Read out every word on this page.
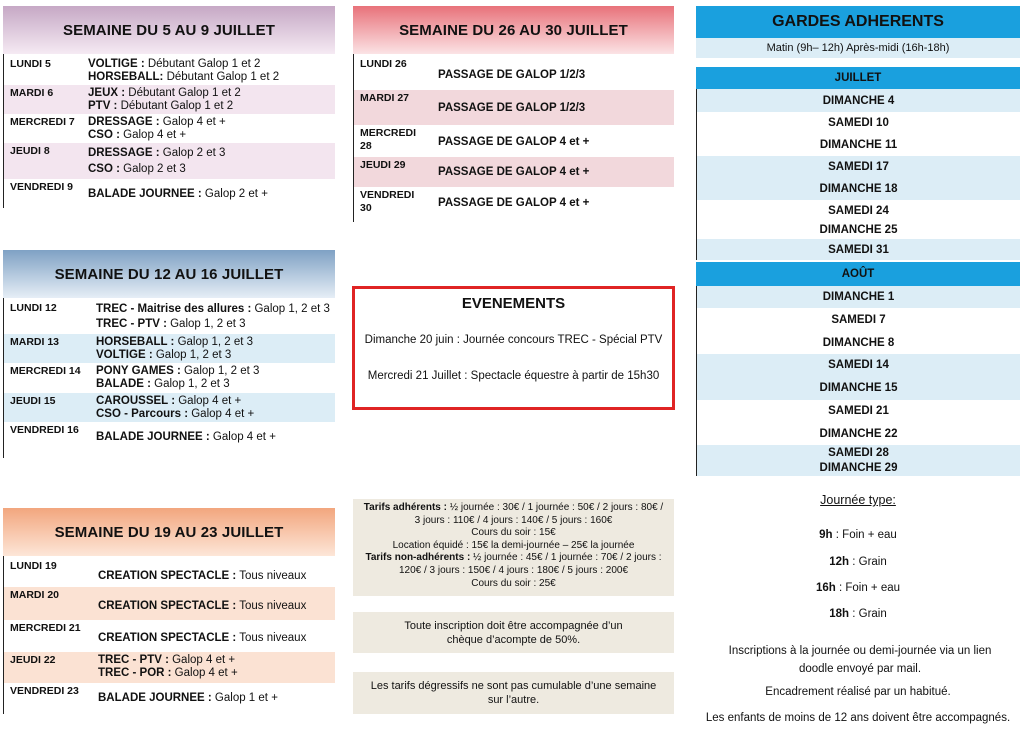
SEMAINE DU 5 AU 9 JUILLET
LUNDI 5	VOLTIGE : Débutant Galop 1 et 2
HORSEBALL: Débutant Galop 1 et 2
MARDI 6	JEUX : Débutant Galop 1 et 2
PTV : Débutant Galop 1 et 2
MERCREDI 7	DRESSAGE : Galop 4 et +
CSO : Galop 4 et +
JEUDI 8	DRESSAGE : Galop 2 et 3
CSO : Galop 2 et 3
VENDREDI 9
BALADE JOURNEE : Galop 2 et +
SEMAINE DU 12 AU 16 JUILLET
LUNDI 12	TREC - Maitrise des allures : Galop 1, 2 et 3
TREC - PTV : Galop 1, 2 et 3
MARDI 13	HORSEBALL : Galop 1, 2 et 3
VOLTIGE : Galop 1, 2 et 3
MERCREDI 14	PONY GAMES : Galop 1, 2 et 3
BALADE : Galop 1, 2 et 3
JEUDI 15	CAROUSSEL : Galop 4 et +
CSO - Parcours : Galop 4 et +
VENDREDI 16
BALADE JOURNEE : Galop 4 et +
SEMAINE DU 19 AU 23 JUILLET
LUNDI 19
CREATION SPECTACLE : Tous niveaux
MARDI 20
CREATION SPECTACLE : Tous niveaux
MERCREDI 21
CREATION SPECTACLE : Tous niveaux
JEUDI 22	TREC - PTV : Galop 4 et +
TREC - POR : Galop 4 et +
VENDREDI 23
BALADE JOURNEE : Galop 1 et +
SEMAINE DU 26 AU 30 JUILLET
LUNDI 26
PASSAGE DE GALOP 1/2/3
MARDI 27
PASSAGE DE GALOP 1/2/3
MERCREDI 28	PASSAGE DE GALOP 4 et +
JEUDI 29
PASSAGE DE GALOP 4 et +
VENDREDI 30	PASSAGE DE GALOP 4 et +
EVENEMENTS
Dimanche 20 juin : Journée concours TREC - Spécial PTV
Mercredi 21 Juillet : Spectacle équestre à partir de 15h30
Tarifs adhérents : ½ journée : 30€ / 1 journée : 50€ / 2 jours : 80€ / 3 jours : 110€ / 4 jours : 140€ / 5 jours : 160€
Cours du soir : 15€
Location équidé : 15€ la demi-journée – 25€ la journée
Tarifs non-adhérents : ½ journée : 45€ / 1 journée : 70€ / 2 jours : 120€ / 3 jours : 150€ / 4 jours : 180€ / 5 jours : 200€
Cours du soir : 25€
Toute inscription doit être accompagnée d’un chèque d’acompte de 50%.
Les tarifs dégressifs ne sont pas cumulable d’une semaine sur l’autre.
GARDES ADHERENTS
Matin (9h– 12h) Après-midi (16h-18h)
JUILLET
DIMANCHE 4
SAMEDI 10
DIMANCHE 11
SAMEDI 17
DIMANCHE 18
SAMEDI 24
DIMANCHE 25
SAMEDI 31
AOÛT
DIMANCHE 1
SAMEDI 7
DIMANCHE 8
SAMEDI 14
DIMANCHE 15
SAMEDI 21
DIMANCHE 22
SAMEDI 28
DIMANCHE 29
Journée type:
9h : Foin + eau
12h : Grain
16h : Foin + eau
18h : Grain
Inscriptions à la journée ou demi-journée via un lien doodle envoyé par mail.
Encadrement réalisé par un habitué.
Les enfants de moins de 12 ans doivent être accompagnés.
